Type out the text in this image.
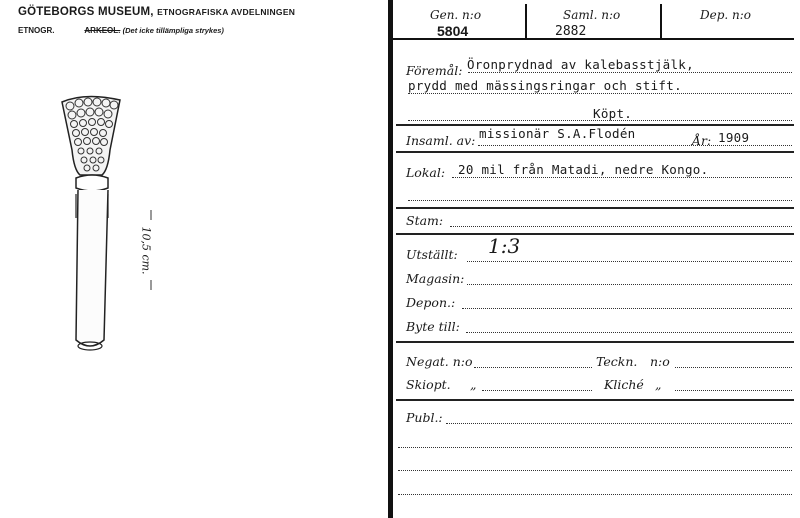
GÖTEBORGS MUSEUM, ETNOGRAFISKA AVDELNINGEN
ETNOGR.	ARKEOL. (Det icke tillämpliga strykes)
10,5 cm.
Gen. n:o
5804
Saml. n:o
2882
Dep. n:o
Föremål: Öronprydnad av kalebasstjälk,
prydd med mässingsringar och stift.
Köpt.
Insaml. av: missionär S.A.Flodén	År: 1909
Lokal: 20 mil från Matadi, nedre Kongo.
Stam:
Utställt: 1:3
Magasin:
Depon.:
Byte till:
Negat. n:o	Teckn. n:o
Skiopt. „	Kliché „
Publ.:
